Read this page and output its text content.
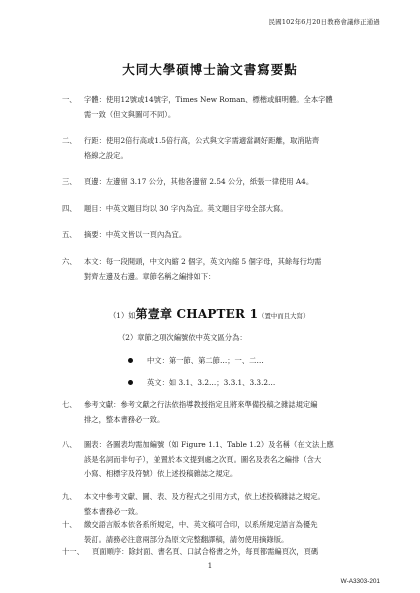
民國102年6月20日教務會議修正通過
大同大學碩博士論文書寫要點
一、	字體：使用12號或14號字，Times New Roman、標楷或細明體。全本字體
需一致（但文與圖可不同）。
二、	行距：使用2倍行高或1.5倍行高，公式與文字需適當調好距離，取消貼齊
格線之設定。
三、	頁邊：左邊留 3.17 公分，其他各邊留 2.54 公分，紙張一律使用 A4。
四、	題目：中英文題目均以 30 字內為宜。英文題目字母全部大寫。
五、	摘要：中英文皆以一頁內為宜。
六、	本文：每一段開頭，中文內縮 2 個字，英文內縮 5 個字母，其餘每行均需
對齊左邊及右邊。章節名稱之編排如下：
（1）如第壹章 CHAPTER 1（置中而且大寫）
（2）章節之項次編號依中英文區分為：
中文：第一節、第二節…；一、二…
英文：如 3.1、3.2…；3.3.1、3.3.2…
七、	參考文獻：參考文獻之行法依指導教授指定且將來準備投稿之雜誌規定編
排之，整本書務必一致。
八、	圖表：各圖表均需加編號（如 Figure 1.1、Table 1.2）及名稱（在文法上應
該是名詞而非句子），並置於本文提到處之次頁。圖名及表名之編排（含大
小寫、相標字及符號）依上述投稿雜誌之規定。
九、	本文中參考文獻、圖、表、及方程式之引用方式，依上述投稿雜誌之規定。
整本書務必一致。
十、	繳交語言版本依各系所規定，中、英文稿可合印，以系所規定語言為優先
裝訂。請務必注意兩部分為原文完整翻譯稿，請勿使用摘錄版。
十一、	頁面順序：除封面、書名頁、口試合格書之外，每頁都需編頁次，頁碼
1
W-A3303-201
